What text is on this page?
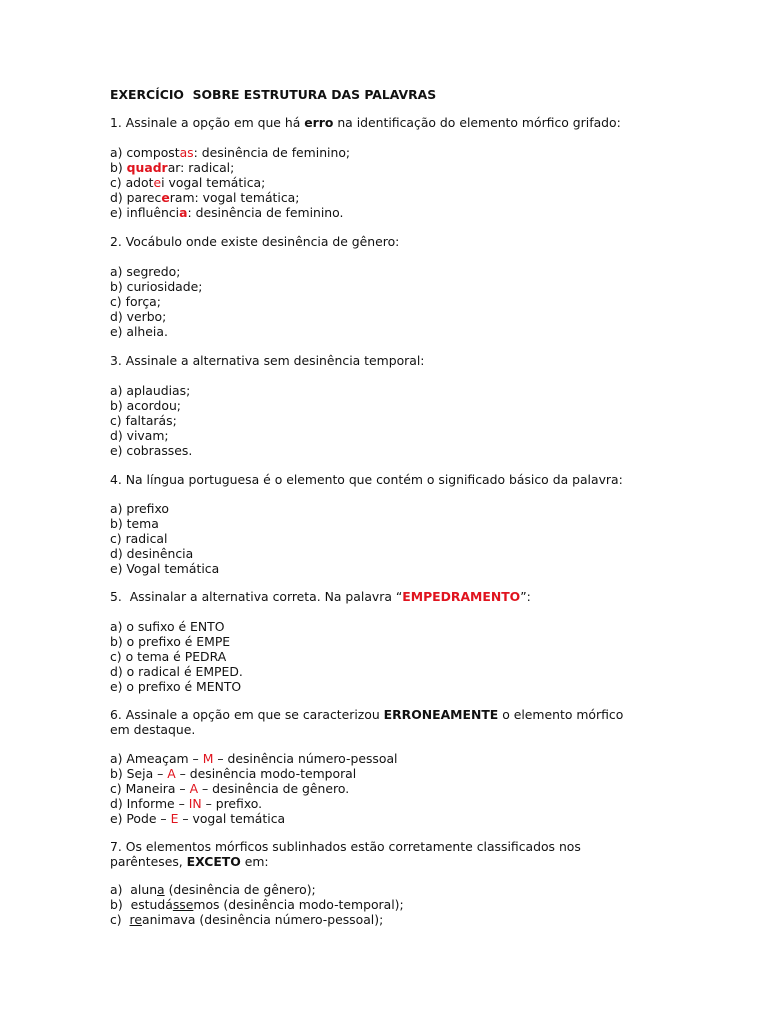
EXERCÍCIO  SOBRE ESTRUTURA DAS PALAVRAS
1. Assinale a opção em que há erro na identificação do elemento mórfico grifado:
a) compostas: desinência de feminino;
b) quadrar: radical;
c) adotei vogal temática;
d) pareceram: vogal temática;
e) influência: desinência de feminino.
2. Vocábulo onde existe desinência de gênero:
a) segredo;
b) curiosidade;
c) força;
d) verbo;
e) alheia.
3. Assinale a alternativa sem desinência temporal:
a) aplaudias;
b) acordou;
c) faltarás;
d) vivam;
e) cobrasses.
4. Na língua portuguesa é o elemento que contém o significado básico da palavra:
a) prefixo
b) tema
c) radical
d) desinência
e) Vogal temática
5.  Assinalar a alternativa correta. Na palavra “EMPEDRAMENTO”:
a) o sufixo é ENTO
b) o prefixo é EMPE
c) o tema é PEDRA
d) o radical é EMPED.
e) o prefixo é MENTO
6. Assinale a opção em que se caracterizou ERRONEAMENTE o elemento mórfico
em destaque.
a) Ameaçam – M – desinência número-pessoal
b) Seja – A – desinência modo-temporal
c) Maneira – A – desinência de gênero.
d) Informe – IN – prefixo.
e) Pode – E – vogal temática
7. Os elementos mórficos sublinhados estão corretamente classificados nos
parênteses, EXCETO em:
a)  aluna (desinência de gênero);
b)  estudássemos (desinência modo-temporal);
c)  reanimava (desinência número-pessoal);
